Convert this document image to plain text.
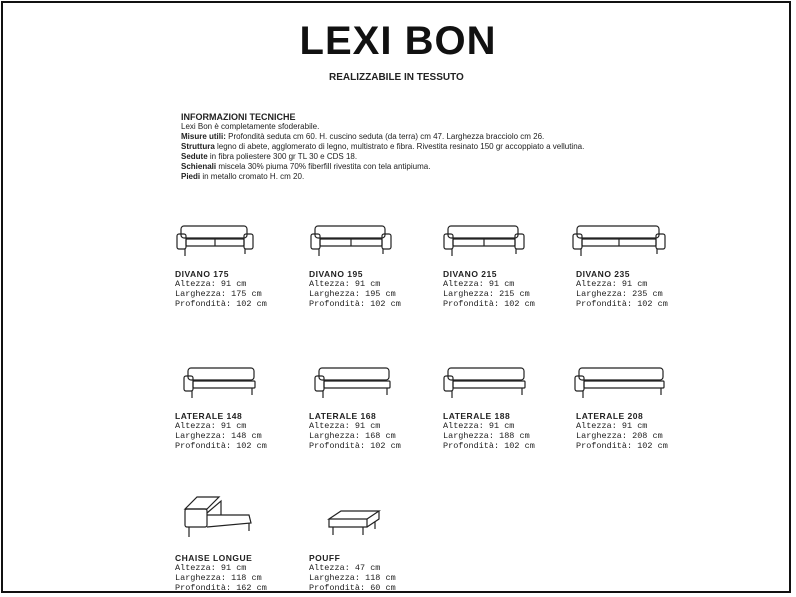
LEXI BON
REALIZZABILE IN TESSUTO
INFORMAZIONI TECNICHE
Lexi Bon è completamente sfoderabile.
Misure utili: Profondità seduta cm 60. H. cuscino seduta (da terra) cm 47. Larghezza bracciolo cm 26.
Struttura legno di abete, agglomerato di legno, multistrato e fibra. Rivestita resinato 150 gr accoppiato a vellutina.
Sedute in fibra poliestere 300 gr TL 30 e CDS 18.
Schienali miscela 30% piuma 70% fiberfill rivestita con tela antipiuma.
Piedi in metallo cromato H. cm 20.
DIVANO 175
Altezza: 91 cm
Larghezza: 175 cm
Profondità: 102 cm
DIVANO 195
Altezza: 91 cm
Larghezza: 195 cm
Profondità: 102 cm
DIVANO 215
Altezza: 91 cm
Larghezza: 215 cm
Profondità: 102 cm
DIVANO 235
Altezza: 91 cm
Larghezza: 235 cm
Profondità: 102 cm
LATERALE 148
Altezza: 91 cm
Larghezza: 148 cm
Profondità: 102 cm
LATERALE 168
Altezza: 91 cm
Larghezza: 168 cm
Profondità: 102 cm
LATERALE 188
Altezza: 91 cm
Larghezza: 188 cm
Profondità: 102 cm
LATERALE 208
Altezza: 91 cm
Larghezza: 208 cm
Profondità: 102 cm
CHAISE LONGUE
Altezza: 91 cm
Larghezza: 118 cm
Profondità: 162 cm
POUFF
Altezza: 47 cm
Larghezza: 118 cm
Profondità: 60 cm
